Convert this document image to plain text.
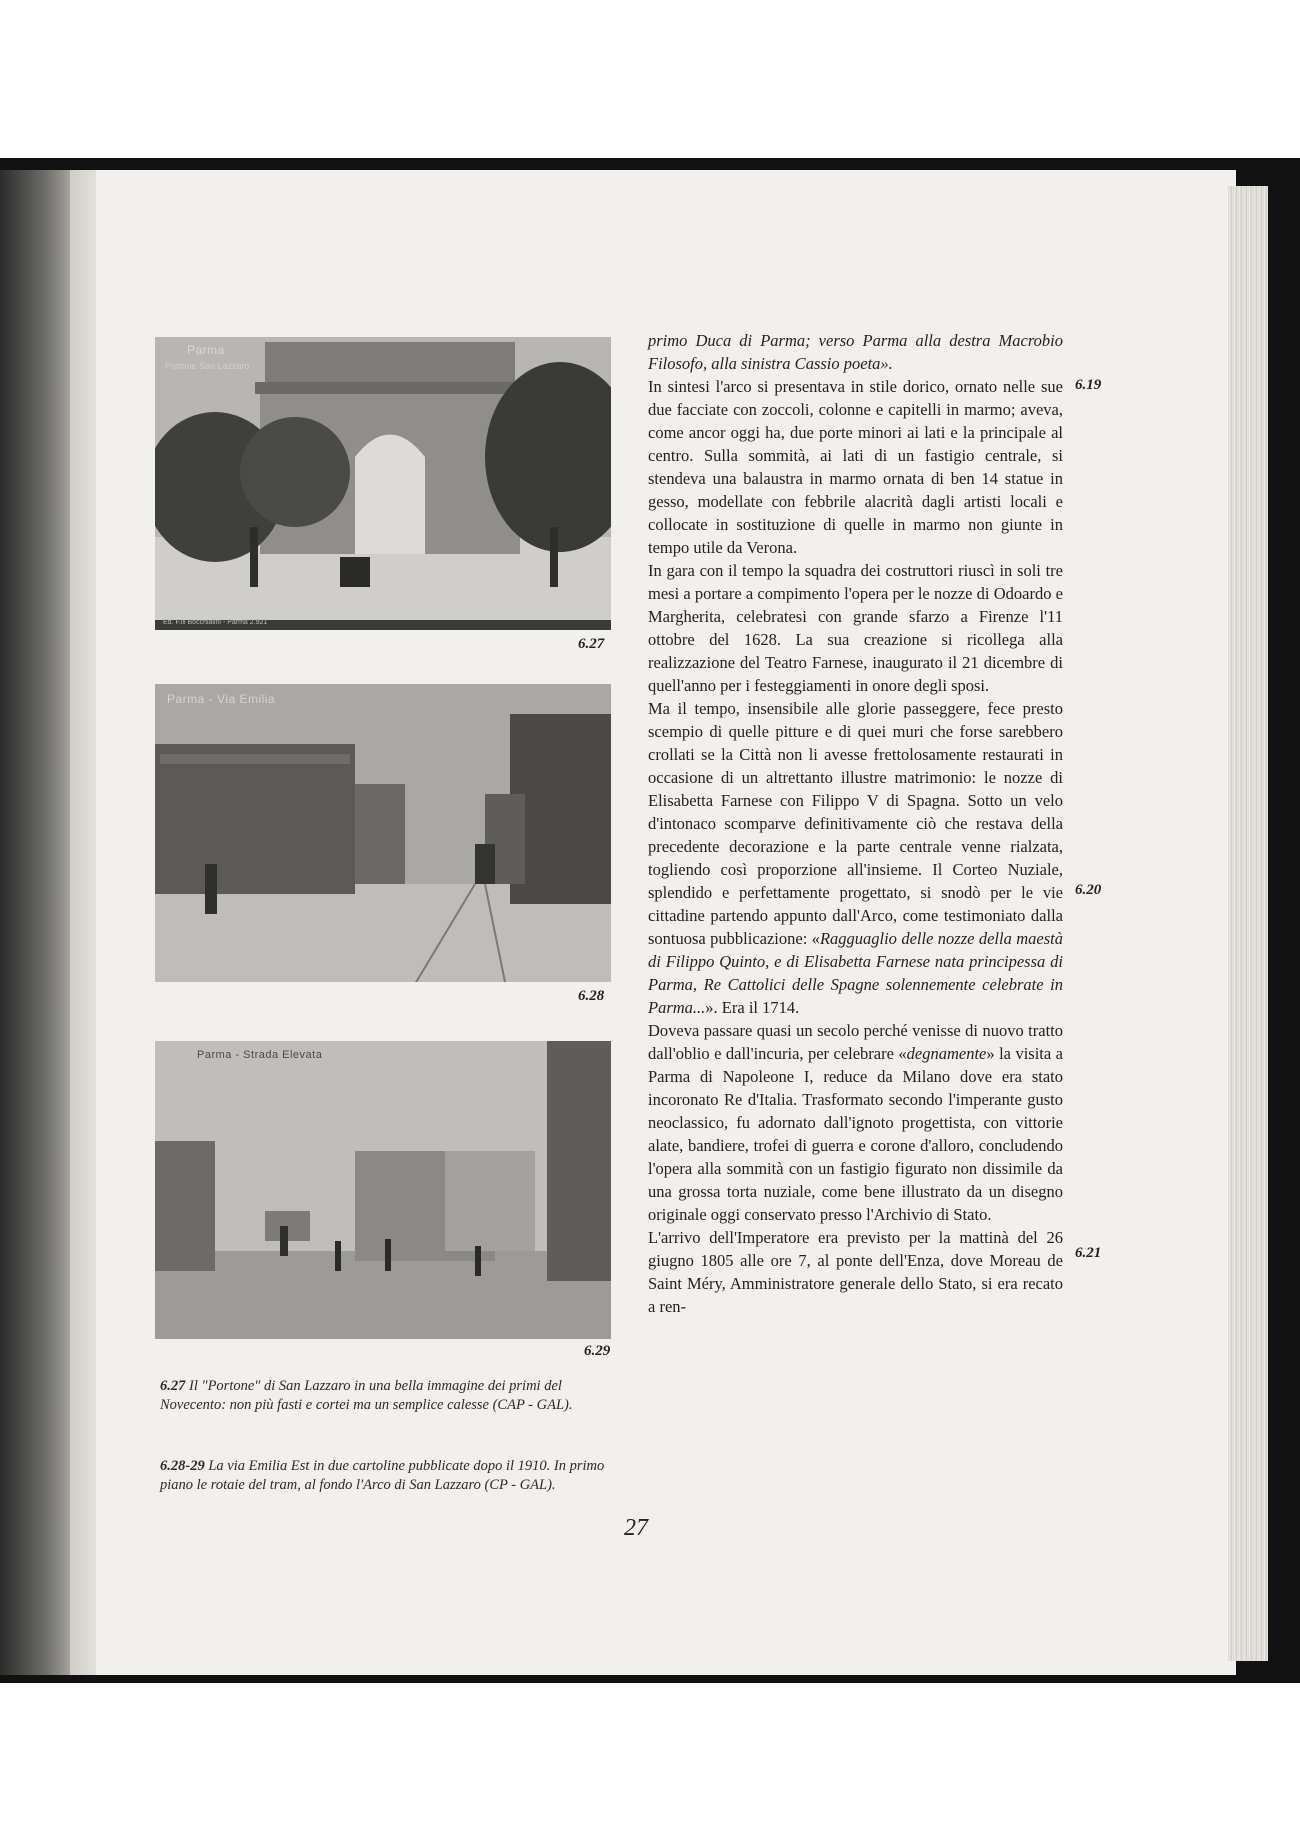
Parma
Portone San Lazzaro
Ed. F.lli Bocchialini - Parma 2.921
6.27
Parma - Via Emilia
6.28
Parma - Strada Elevata
6.29

6.27 Il "Portone" di San Lazzaro in una bella immagine dei primi del Novecento: non più fasti e cortei ma un semplice calesse (CAP - GAL).

6.28-29 La via Emilia Est in due cartoline pubblicate dopo il 1910. In primo piano le rotaie del tram, al fondo l'Arco di San Lazzaro (CP - GAL).

primo Duca di Parma; verso Parma alla destra Macrobio Filosofo, alla sinistra Cassio poeta».

In sintesi l'arco si presentava in stile dorico, ornato nelle sue due facciate con zoccoli, colonne e capitelli in marmo; aveva, come ancor oggi ha, due porte minori ai lati e la principale al centro. Sulla sommità, ai lati di un fastigio centrale, si stendeva una balaustra in marmo ornata di ben 14 statue in gesso, modellate con febbrile alacrità dagli artisti locali e collocate in sostituzione di quelle in marmo non giunte in tempo utile da Verona.

In gara con il tempo la squadra dei costruttori riuscì in soli tre mesi a portare a compimento l'opera per le nozze di Odoardo e Margherita, celebratesi con grande sfarzo a Firenze l'11 ottobre del 1628. La sua creazione si ricollega alla realizzazione del Teatro Farnese, inaugurato il 21 dicembre di quell'anno per i festeggiamenti in onore degli sposi.

Ma il tempo, insensibile alle glorie passeggere, fece presto scempio di quelle pitture e di quei muri che forse sarebbero crollati se la Città non li avesse frettolosamente restaurati in occasione di un altrettanto illustre matrimonio: le nozze di Elisabetta Farnese con Filippo V di Spagna. Sotto un velo d'intonaco scomparve definitivamente ciò che restava della precedente decorazione e la parte centrale venne rialzata, togliendo così proporzione all'insieme. Il Corteo Nuziale, splendido e perfettamente progettato, si snodò per le vie cittadine partendo appunto dall'Arco, come testimoniato dalla sontuosa pubblicazione: «Ragguaglio delle nozze della maestà di Filippo Quinto, e di Elisabetta Farnese nata principessa di Parma, Re Cattolici delle Spagne solennemente celebrate in Parma...». Era il 1714.

Doveva passare quasi un secolo perché venisse di nuovo tratto dall'oblio e dall'incuria, per celebrare «degnamente» la visita a Parma di Napoleone I, reduce da Milano dove era stato incoronato Re d'Italia. Trasformato secondo l'imperante gusto neoclassico, fu adornato dall'ignoto progettista, con vittorie alate, bandiere, trofei di guerra e corone d'alloro, concludendo l'opera alla sommità con un fastigio figurato non dissimile da una grossa torta nuziale, come bene illustrato da un disegno originale oggi conservato presso l'Archivio di Stato.

L'arrivo dell'Imperatore era previsto per la mattinà del 26 giugno 1805 alle ore 7, al ponte dell'Enza, dove Moreau de Saint Méry, Amministratore generale dello Stato, si era recato a ren-

6.19
6.20
6.21
27
